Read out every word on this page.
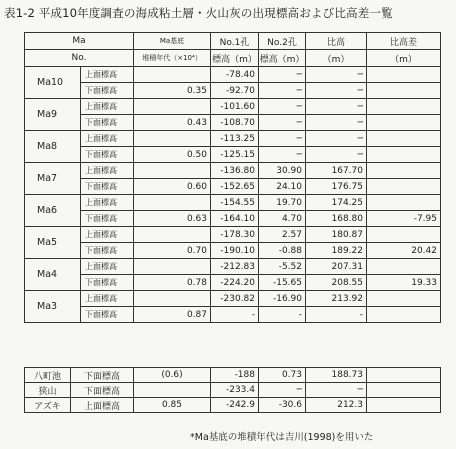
表1-2 平成10年度調査の海成粘土層・火山灰の出現標高および比高差一覧
Ma		Ma基底	No.1孔	No.2孔	比高	比高差
No.		堆積年代（×10⁴）	標高（m）	標高（m）	（m）	（m）
Ma10	上面標高		-78.40	─	─	
	下面標高	0.35	-92.70	─	─	
Ma9	上面標高		-101.60	─	─	
	下面標高	0.43	-108.70	─	─	
Ma8	上面標高		-113.25	─	─	
	下面標高	0.50	-125.15	─	─	
Ma7	上面標高		-136.80	30.90	167.70	
	下面標高	0.60	-152.65	24.10	176.75	
Ma6	上面標高		-154.55	19.70	174.25	
	下面標高	0.63	-164.10	4.70	168.80	-7.95
Ma5	上面標高		-178.30	2.57	180.87	
	下面標高	0.70	-190.10	-0.88	189.22	20.42
Ma4	上面標高		-212.83	-5.52	207.31	
	下面標高	0.78	-224.20	-15.65	208.55	19.33
Ma3	上面標高		-230.82	-16.90	213.92	
	下面標高	0.87	-	-	-	
八町池	下面標高	(0.6)	-188	0.73	188.73	
狭山	下面標高		-233.4	─	─	
アズキ	上面標高	0.85	-242.9	-30.6	212.3	
*Ma基底の堆積年代は吉川(1998)を用いた
